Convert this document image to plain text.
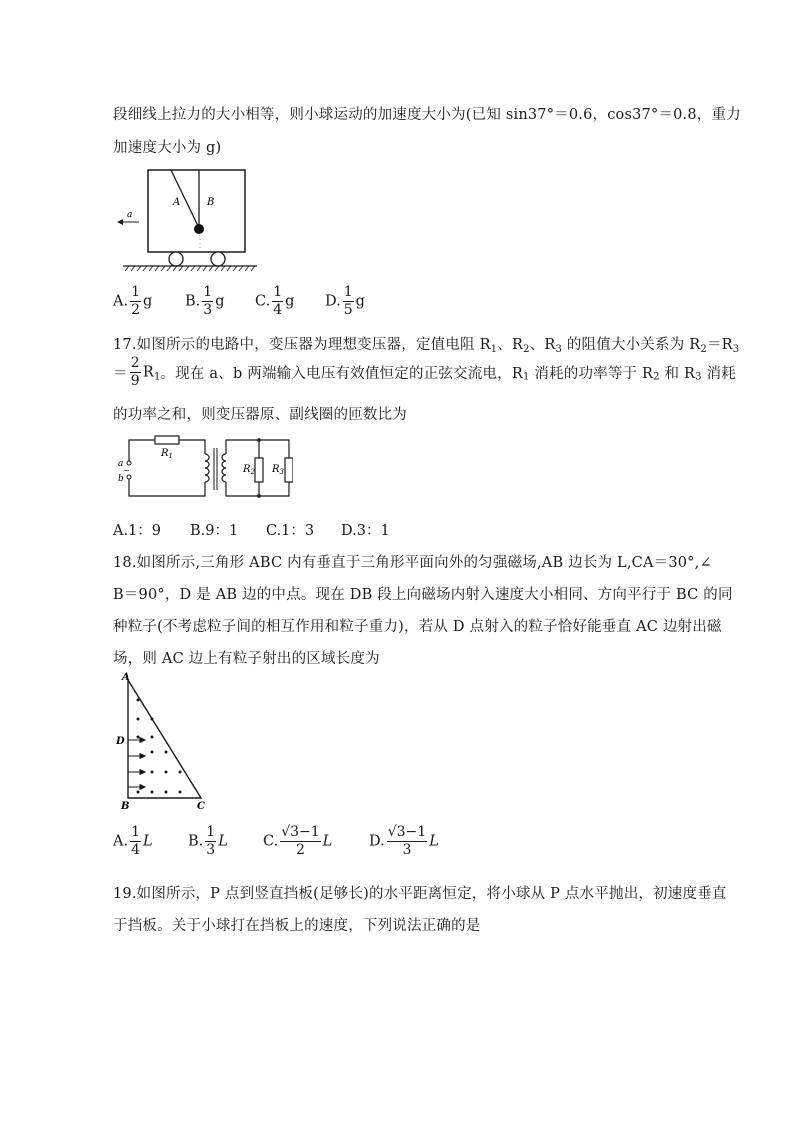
段细线上拉力的大小相等，则小球运动的加速度大小为(已知 sin37°＝0.6，cos37°＝0.8，重力
加速度大小为 g)
A	B
a
A. $\frac{1}{2}$ g B. $\frac{1}{3}$ g C. $\frac{1}{4}$ g D. $\frac{1}{5}$ g
17.如图所示的电路中，变压器为理想变压器，定值电阻 $R_1$、$R_2$、$R_3$ 的阻值大小关系为 $R_2=R_3$
＝ $\frac{2}{9} R_1$。现在 a、b 两端输入电压有效值恒定的正弦交流电，$R_1$ 消耗的功率等于 $R_2$ 和 $R_3$ 消耗
的功率之和，则变压器原、副线圈的匝数比为
a
~
b
$R_1$
$R_2$ $R_3$
A.1：9 B.9：1 C.1：3 D.3：1
18.如图所示,三角形 ABC 内有垂直于三角形平面向外的匀强磁场,AB 边长为 L,CA＝30°,∠
B＝90°，D 是 AB 边的中点。现在 DB 段上向磁场内射入速度大小相同、方向平行于 BC 的同
种粒子(不考虑粒子间的相互作用和粒子重力)，若从 D 点射入的粒子恰好能垂直 AC 边射出磁
场，则 AC 边上有粒子射出的区域长度为
A
D
B	C
A. $\frac{1}{4}$ L B. $\frac{1}{3}$ L C. $\frac{√3-1}{2}$ L	D. $\frac{√3-1}{3}$ L
19.如图所示，P 点到竖直挡板(足够长)的水平距离恒定，将小球从 P 点水平抛出，初速度垂直
于挡板。关于小球打在挡板上的速度，下列说法正确的是
